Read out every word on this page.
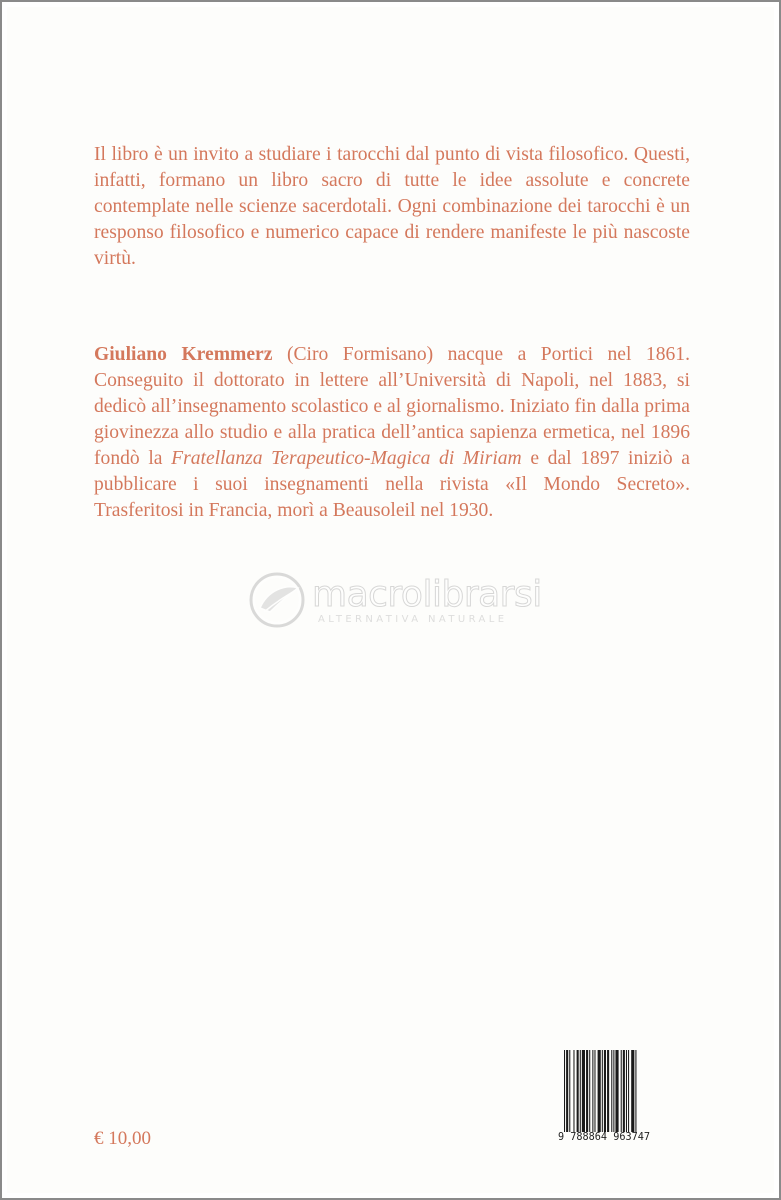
Il libro è un invito a studiare i tarocchi dal punto di vista filosofico. Questi, infatti, formano un libro sacro di tutte le idee assolute e concrete contemplate nelle scienze sacerdotali. Ogni combinazione dei tarocchi è un responso filosofico e numerico capace di rendere manifeste le più nascoste virtù.

Giuliano Kremmerz (Ciro Formisano) nacque a Portici nel 1861. Conseguito il dottorato in lettere all’Università di Napoli, nel 1883, si dedicò all’insegnamento scolastico e al giornalismo. Iniziato fin dalla prima giovinezza allo studio e alla pratica dell’antica sapienza ermetica, nel 1896 fondò la Fratellanza Terapeutico-Magica di Miriam e dal 1897 iniziò a pubblicare i suoi insegnamenti nella rivista «Il Mondo Secreto». Trasferitosi in Francia, morì a Beausoleil nel 1930.

macrolibrarsi
ALTERNATIVA NATURALE
€ 10,00	9 788864 963747
